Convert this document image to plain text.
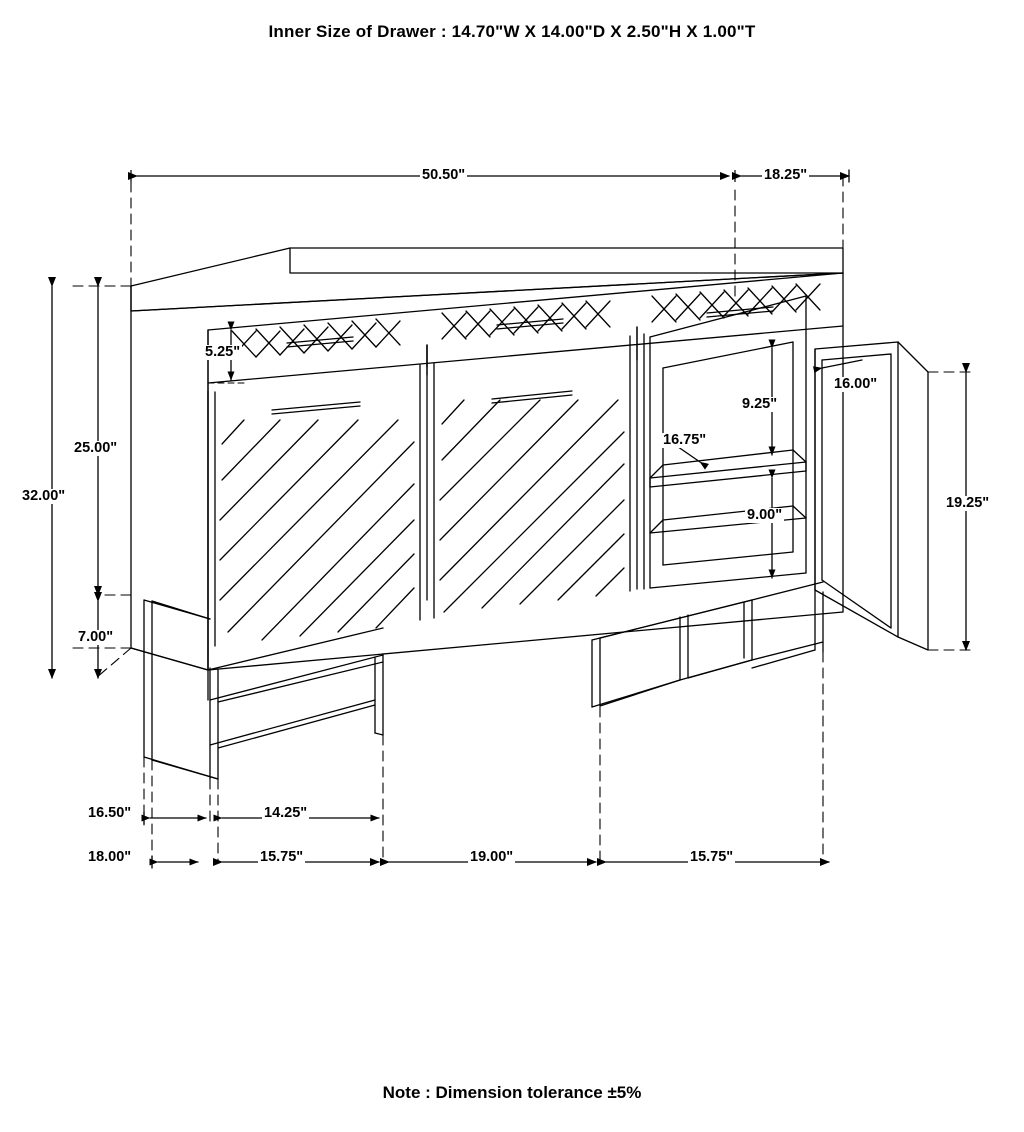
Inner Size of Drawer : 14.70"W X 14.00"D X 2.50"H X 1.00"T
50.50"	18.25"
32.00"
25.00"
7.00"
5.25"
16.00"
9.25"
16.75"
9.00"
19.25"
16.50"	14.25"
18.00"	15.75"	19.00"	15.75"
Note : Dimension tolerance ±5%
